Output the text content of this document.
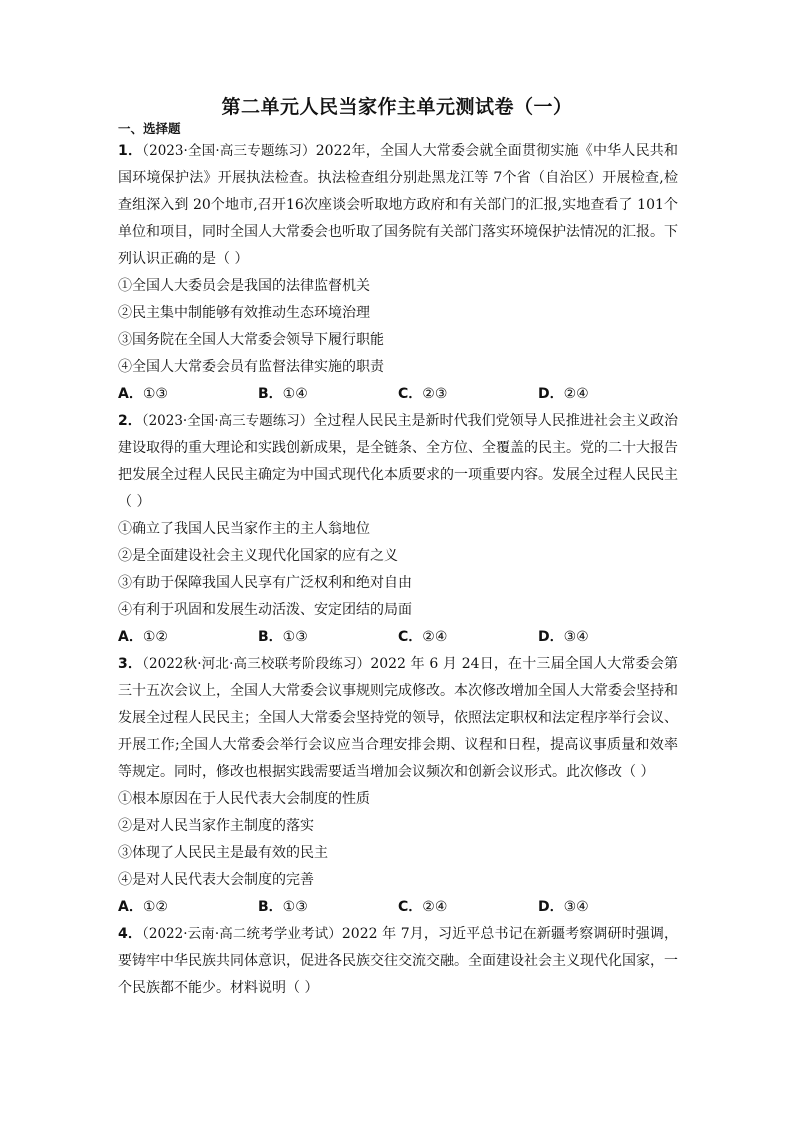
第二单元人民当家作主单元测试卷（一）
一、选择题

1．（2023·全国·高三专题练习）2022年，全国人大常委会就全面贯彻实施《中华人民共和国环境保护法》开展执法检查。执法检查组分别赴黑龙江等 7个省（自治区）开展检查,检查组深入到 20个地市,召开16次座谈会听取地方政府和有关部门的汇报,实地查看了 101个单位和项目，同时全国人大常委会也听取了国务院有关部门落实环境保护法情况的汇报。下列认识正确的是（ ）

①全国人大委员会是我国的法律监督机关
②民主集中制能够有效推动生态环境治理
③国务院在全国人大常委会领导下履行职能
④全国人大常委会员有监督法律实施的职责
A．①③	B．①④	C．②③	D．②④

2．（2023·全国·高三专题练习）全过程人民民主是新时代我们党领导人民推进社会主义政治建设取得的重大理论和实践创新成果，是全链条、全方位、全覆盖的民主。党的二十大报告把发展全过程人民民主确定为中国式现代化本质要求的一项重要内容。发展全过程人民民主（ ）

①确立了我国人民当家作主的主人翁地位
②是全面建设社会主义现代化国家的应有之义
③有助于保障我国人民享有广泛权利和绝对自由
④有利于巩固和发展生动活泼、安定团结的局面
A．①②	B．①③	C．②④	D．③④

3．（2022秋·河北·高三校联考阶段练习）2022 年 6 月 24日，在十三届全国人大常委会第三十五次会议上，全国人大常委会议事规则完成修改。本次修改增加全国人大常委会坚持和发展全过程人民民主；全国人大常委会坚持党的领导，依照法定职权和法定程序举行会议、开展工作;全国人大常委会举行会议应当合理安排会期、议程和日程，提高议事质量和效率等规定。同时，修改也根据实践需要适当增加会议频次和创新会议形式。此次修改（ ）

①根本原因在于人民代表大会制度的性质
②是对人民当家作主制度的落实
③体现了人民民主是最有效的民主
④是对人民代表大会制度的完善
A．①②	B．①③	C．②④	D．③④

4．（2022·云南·高二统考学业考试）2022 年 7月，习近平总书记在新疆考察调研时强调，要铸牢中华民族共同体意识，促进各民族交往交流交融。全面建设社会主义现代化国家，一个民族都不能少。材料说明（ ）
